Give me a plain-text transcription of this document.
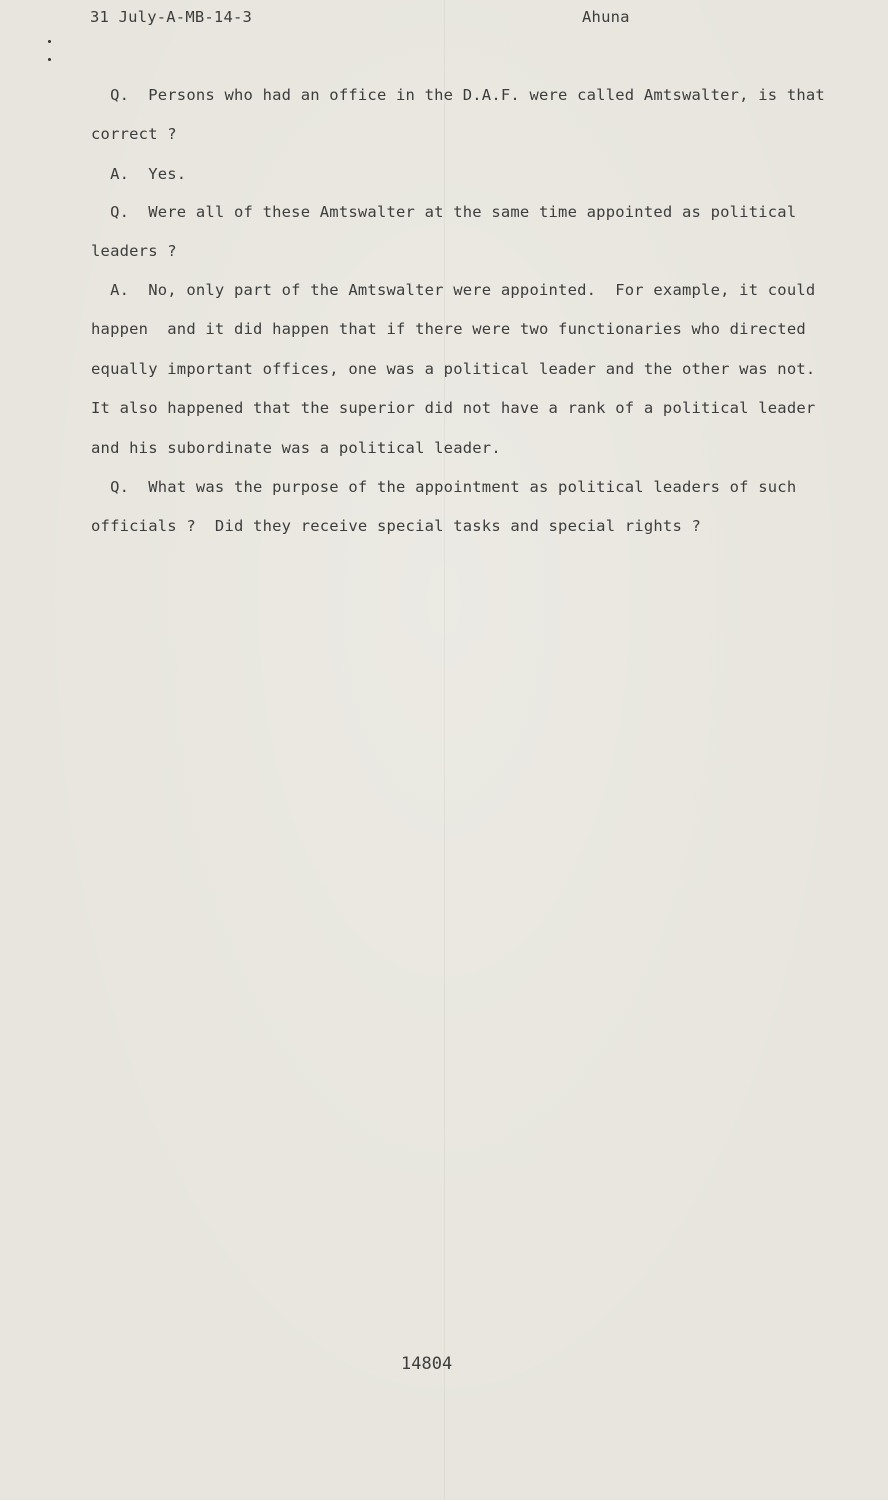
31 July-A-MB-14-3	Ahuna
Q.  Persons who had an office in the D.A.F. were called Amtswalter, is that
correct ?
A.  Yes.
Q.  Were all of these Amtswalter at the same time appointed as political
leaders ?
A.  No, only part of the Amtswalter were appointed.  For example, it could
happen  and it did happen that if there were two functionaries who directed
equally important offices, one was a political leader and the other was not.
It also happened that the superior did not have a rank of a political leader
and his subordinate was a political leader.
Q.  What was the purpose of the appointment as political leaders of such
officials ?  Did they receive special tasks and special rights ?
14804
